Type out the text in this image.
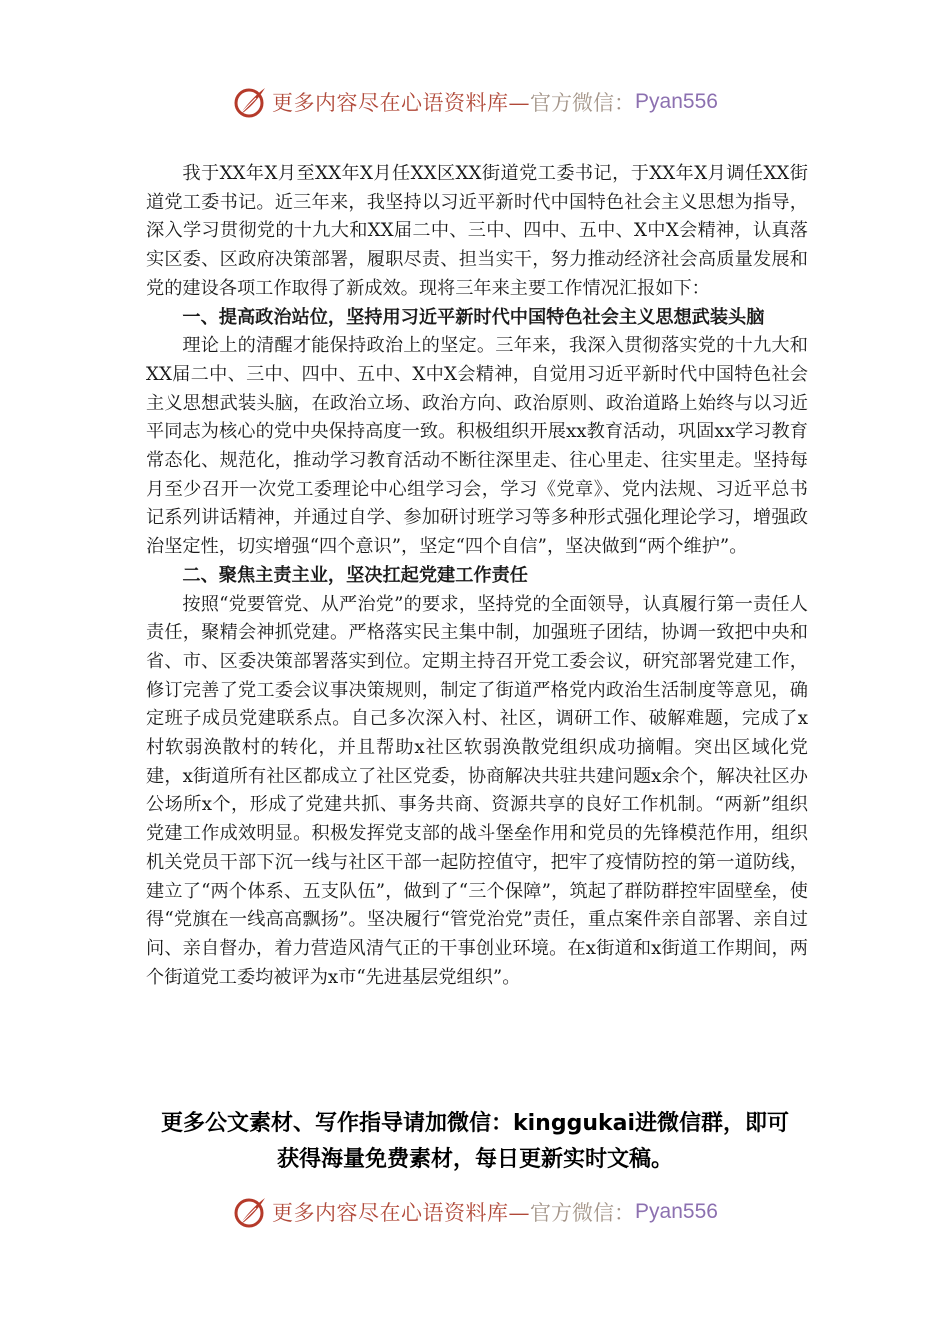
更多内容尽在心语资料库— 官方微信： Pyan556

我于XX年X月至XX年X月任XX区XX街道党工委书记，于XX年X月调任XX街道党工委书记。近三年来，我坚持以习近平新时代中国特色社会主义思想为指导，深入学习贯彻党的十九大和XX届二中、三中、四中、五中、X中X会精神，认真落实区委、区政府决策部署，履职尽责、担当实干，努力推动经济社会高质量发展和党的建设各项工作取得了新成效。现将三年来主要工作情况汇报如下：

一、提高政治站位，坚持用习近平新时代中国特色社会主义思想武装头脑

理论上的清醒才能保持政治上的坚定。三年来，我深入贯彻落实党的十九大和XX届二中、三中、四中、五中、X中X会精神，自觉用习近平新时代中国特色社会主义思想武装头脑，在政治立场、政治方向、政治原则、政治道路上始终与以习近平同志为核心的党中央保持高度一致。积极组织开展xx教育活动，巩固xx学习教育常态化、规范化，推动学习教育活动不断往深里走、往心里走、往实里走。坚持每月至少召开一次党工委理论中心组学习会，学习《党章》、党内法规、习近平总书记系列讲话精神，并通过自学、参加研讨班学习等多种形式强化理论学习，增强政治坚定性，切实增强“四个意识”，坚定“四个自信”，坚决做到“两个维护”。

二、聚焦主责主业，坚决扛起党建工作责任

按照“党要管党、从严治党”的要求，坚持党的全面领导，认真履行第一责任人责任，聚精会神抓党建。严格落实民主集中制，加强班子团结，协调一致把中央和省、市、区委决策部署落实到位。定期主持召开党工委会议，研究部署党建工作，修订完善了党工委会议事决策规则，制定了街道严格党内政治生活制度等意见，确定班子成员党建联系点。自己多次深入村、社区，调研工作、破解难题，完成了x村软弱涣散村的转化，并且帮助x社区软弱涣散党组织成功摘帽。突出区域化党建，x街道所有社区都成立了社区党委，协商解决共驻共建问题x余个，解决社区办公场所x个，形成了党建共抓、事务共商、资源共享的良好工作机制。“两新”组织党建工作成效明显。积极发挥党支部的战斗堡垒作用和党员的先锋模范作用，组织机关党员干部下沉一线与社区干部一起防控值守，把牢了疫情防控的第一道防线，建立了“两个体系、五支队伍”，做到了“三个保障”，筑起了群防群控牢固壁垒，使得“党旗在一线高高飘扬”。坚决履行“管党治党”责任，重点案件亲自部署、亲自过问、亲自督办，着力营造风清气正的干事创业环境。在x街道和x街道工作期间，两个街道党工委均被评为x市“先进基层党组织”。

更多公文素材、写作指导请加微信：kinggukai进微信群，即可
获得海量免费素材，每日更新实时文稿。
更多内容尽在心语资料库— 官方微信： Pyan556
